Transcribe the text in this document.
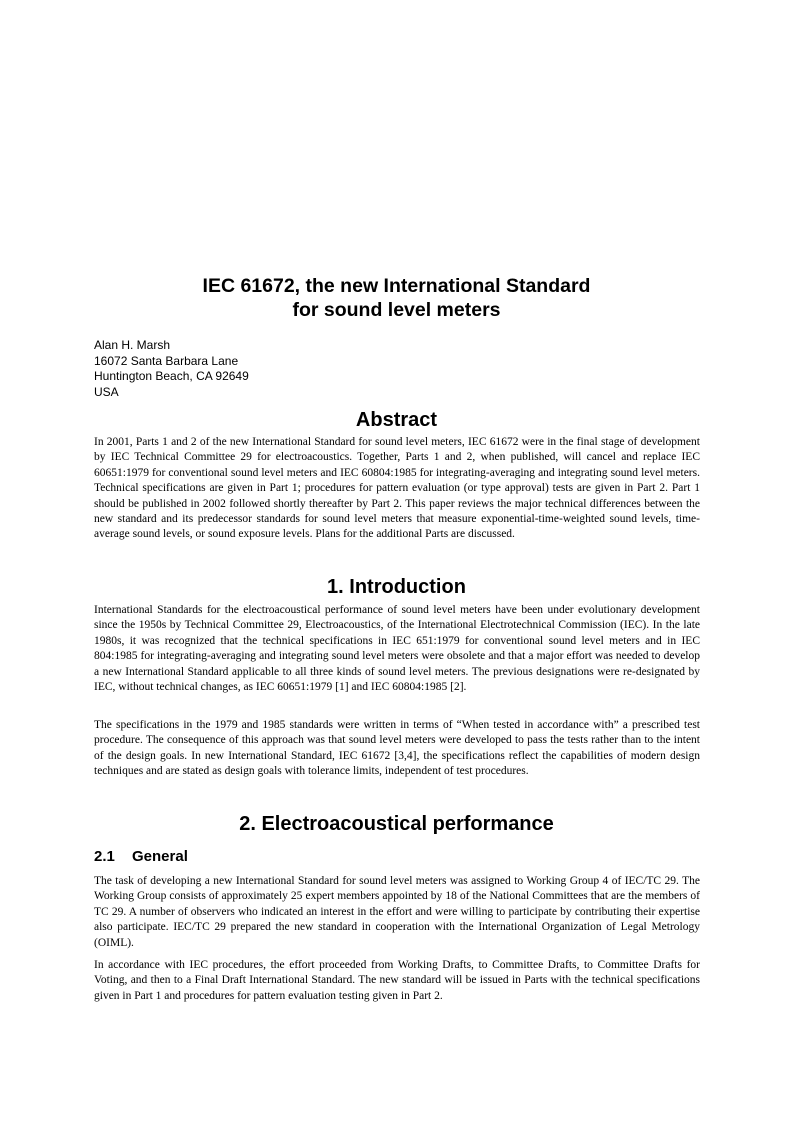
IEC 61672, the new International Standard
for sound level meters
Alan H. Marsh
16072 Santa Barbara Lane
Huntington Beach, CA 92649
USA
Abstract
In 2001, Parts 1 and 2 of the new International Standard for sound level meters, IEC 61672 were in the final stage of development by IEC Technical Committee 29 for electroacoustics. Together, Parts 1 and 2, when published, will cancel and replace IEC 60651:1979 for conventional sound level meters and IEC 60804:1985 for integrating-averaging and integrating sound level meters. Technical specifications are given in Part 1; procedures for pattern evaluation (or type approval) tests are given in Part 2. Part 1 should be published in 2002 followed shortly thereafter by Part 2. This paper reviews the major technical differences between the new standard and its predecessor standards for sound level meters that measure exponential-time-weighted sound levels, time-average sound levels, or sound exposure levels. Plans for the additional Parts are discussed.
1. Introduction
International Standards for the electroacoustical performance of sound level meters have been under evolutionary development since the 1950s by Technical Committee 29, Electroacoustics, of the International Electrotechnical Commission (IEC). In the late 1980s, it was recognized that the technical specifications in IEC 651:1979 for conventional sound level meters and in IEC 804:1985 for integrating-averaging and integrating sound level meters were obsolete and that a major effort was needed to develop a new International Standard applicable to all three kinds of sound level meters. The previous designations were re-designated by IEC, without technical changes, as IEC 60651:1979 [1] and IEC 60804:1985 [2].
The specifications in the 1979 and 1985 standards were written in terms of “When tested in accordance with” a prescribed test procedure. The consequence of this approach was that sound level meters were developed to pass the tests rather than to the intent of the design goals. In new International Standard, IEC 61672 [3,4], the specifications reflect the capabilities of modern design techniques and are stated as design goals with tolerance limits, independent of test procedures.
2. Electroacoustical performance
2.1 General
The task of developing a new International Standard for sound level meters was assigned to Working Group 4 of IEC/TC 29. The Working Group consists of approximately 25 expert members appointed by 18 of the National Committees that are the members of TC 29. A number of observers who indicated an interest in the effort and were willing to participate by contributing their expertise also participate. IEC/TC 29 prepared the new standard in cooperation with the International Organization of Legal Metrology (OIML).
In accordance with IEC procedures, the effort proceeded from Working Drafts, to Committee Drafts, to Committee Drafts for Voting, and then to a Final Draft International Standard. The new standard will be issued in Parts with the technical specifications given in Part 1 and procedures for pattern evaluation testing given in Part 2.
